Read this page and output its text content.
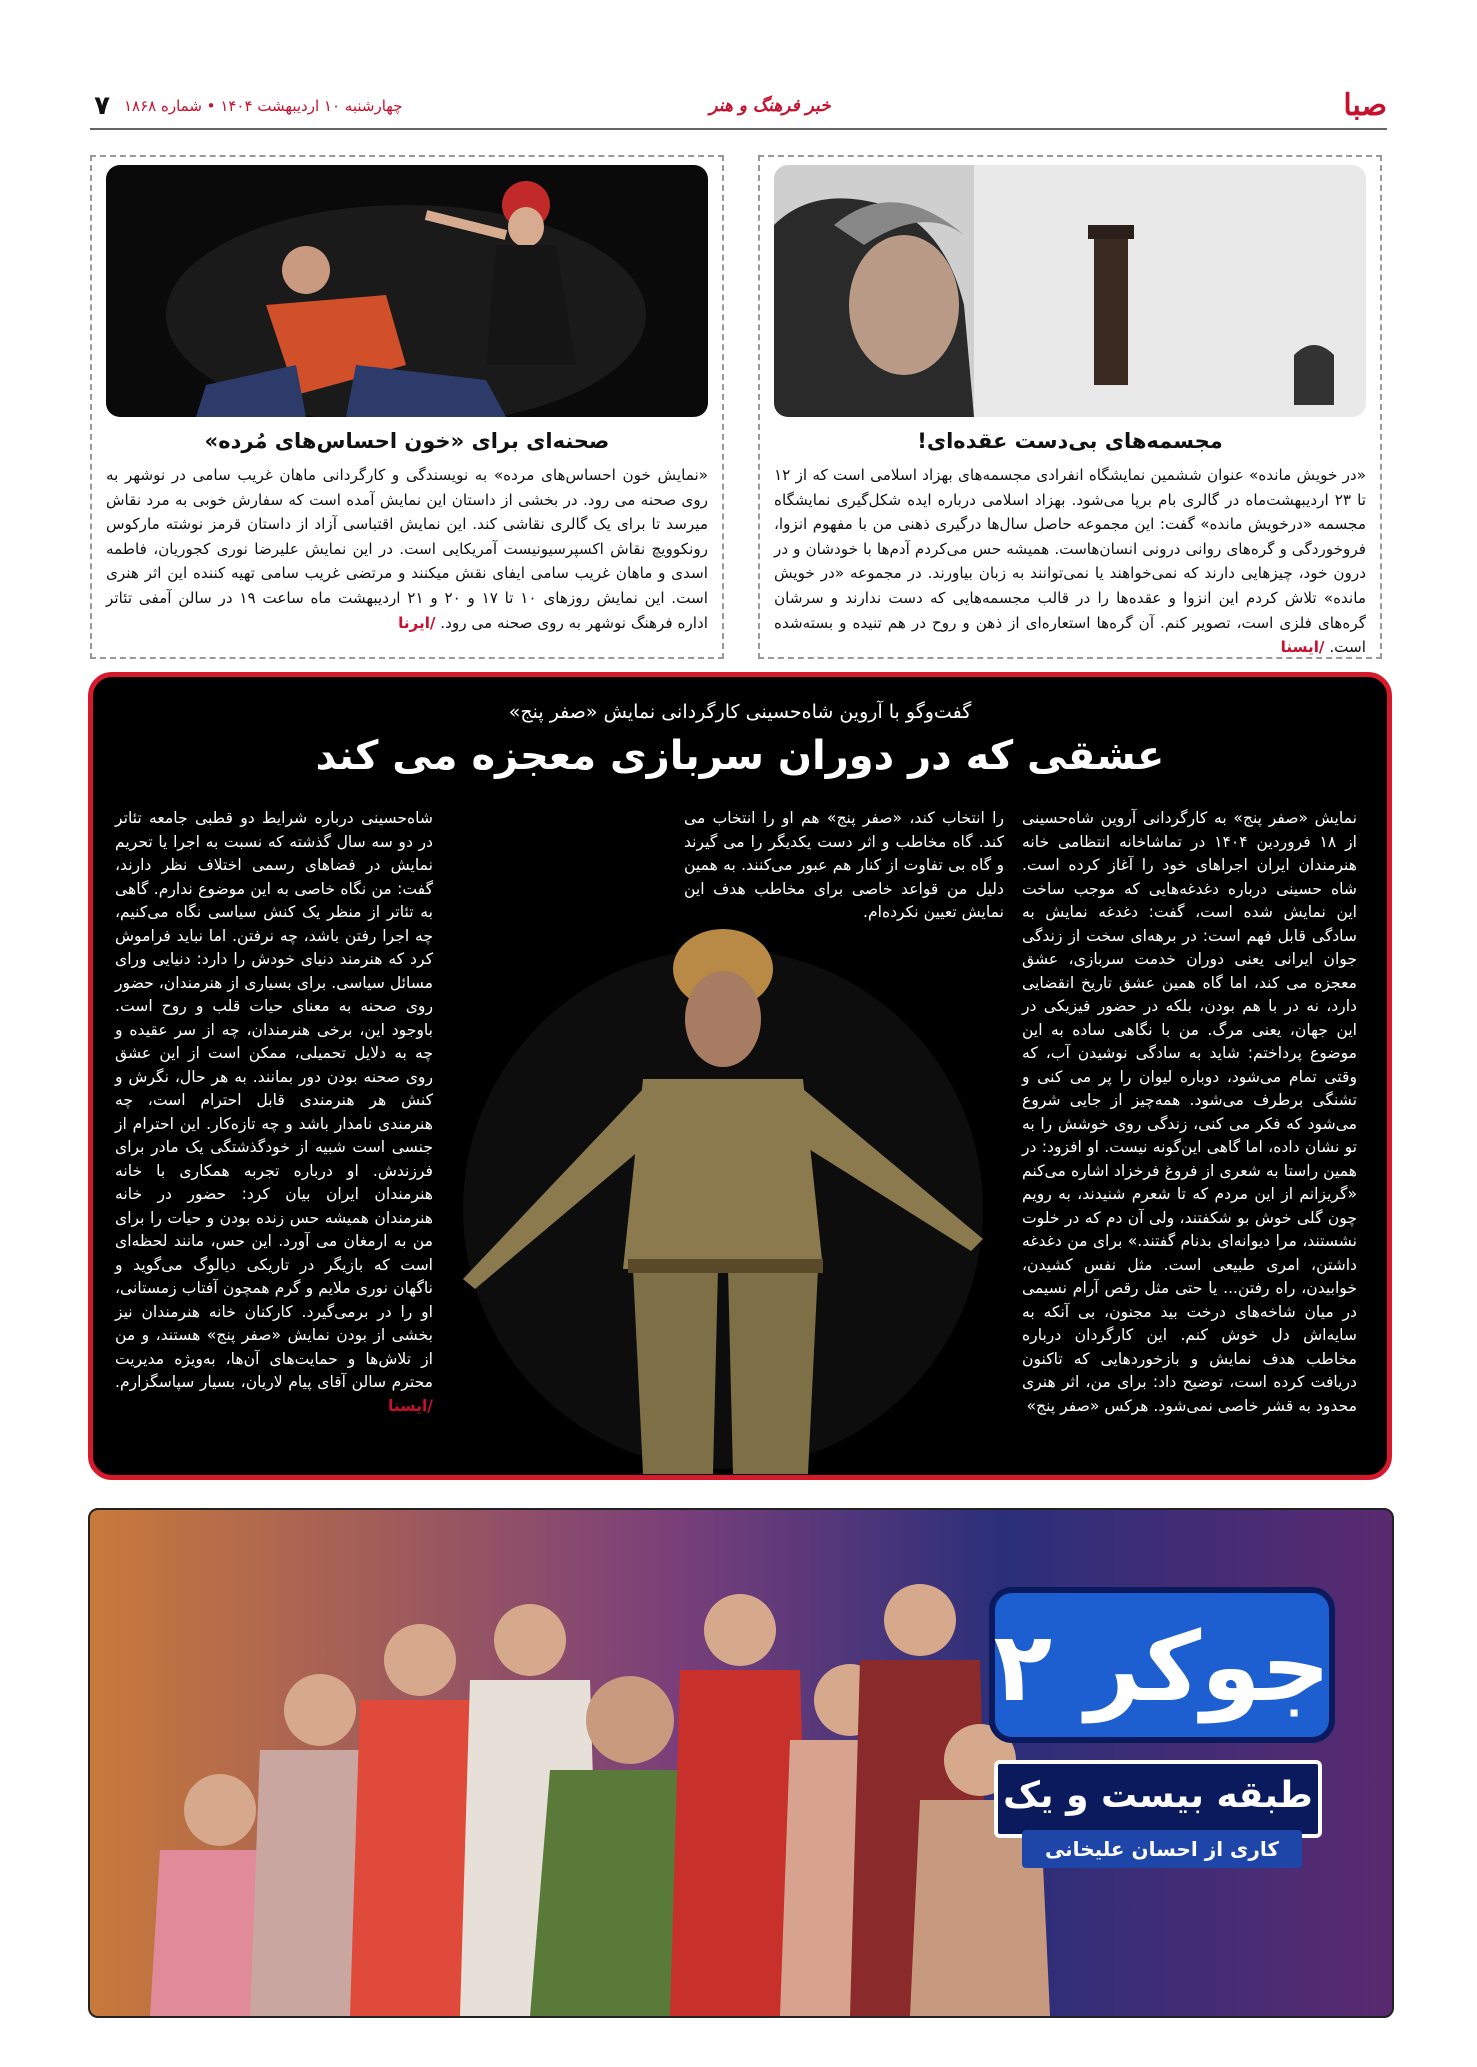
صبا
خبر فرهنگ و هنر
چهارشنبه ۱۰ اردیبهشت ۱۴۰۴ • شماره ۱۸۶۸
۷
مجسمه‌های بی‌دست عقده‌ای!
«در خویش مانده» عنوان ششمین نمایشگاه انفرادی مجسمه‌های بهزاد اسلامی است که از ۱۲ تا ۲۳ اردیبهشت‌ماه در گالری بام برپا می‌شود. بهزاد اسلامی درباره ایده شکل‌گیری نمایشگاه مجسمه «درخویش مانده» گفت: این مجموعه حاصل سال‌ها درگیری ذهنی من با مفهوم انزوا، فروخوردگی و گره‌های روانی درونی انسان‌هاست. همیشه حس می‌کردم آدم‌ها با خودشان و در درون خود، چیزهایی دارند که نمی‌خواهند یا نمی‌توانند به زبان بیاورند. در مجموعه «در خویش مانده» تلاش کردم این انزوا و عقده‌ها را در قالب مجسمه‌هایی که دست ندارند و سرشان گره‌های فلزی است، تصویر کنم. آن گره‌ها استعاره‌ای از ذهن و روح در هم تنیده و بسته‌شده است. /ایسنا
صحنه‌ای برای «خون احساس‌های مُرده»
«نمایش خون احساس‌های مرده» به نویسندگی و کارگردانی ماهان غریب سامی در نوشهر به روی صحنه می رود. در بخشی از داستان این نمایش آمده است که سفارش خوبی به مرد نقاش میرسد تا برای یک گالری نقاشی کند. این نمایش اقتباسی آزاد از داستان قرمز نوشته مارکوس رونکوویچ نقاش اکسپرسیونیست آمریکایی است. در این نمایش علیرضا نوری کجوریان، فاطمه اسدی و ماهان غریب سامی ایفای نقش میکنند و مرتضی غریب سامی تهیه کننده این اثر هنری است. این نمایش روزهای ۱۰ تا ۱۷ و ۲۰ و ۲۱ اردیبهشت ماه ساعت ۱۹ در سالن آمفی تئاتر اداره فرهنگ نوشهر به روی صحنه می رود. /ایرنا
گفت‌وگو با آروین شاه‌حسینی کارگردانی نمایش «صفر پنج»
عشقی که در دوران سربازی معجزه می کند
نمایش «صفر پنج» به کارگردانی آروین شاه‌حسینی از ۱۸ فروردین ۱۴۰۴ در تماشاخانه انتظامی خانه هنرمندان ایران اجراهای خود را آغاز کرده است. شاه حسینی درباره دغدغه‌هایی که موجب ساخت این نمایش شده است، گفت: دغدغه نمایش به سادگی قابل فهم است: در برهه‌ای سخت از زندگی جوان ایرانی یعنی دوران خدمت سربازی، عشق معجزه می کند، اما گاه همین عشق تاریخ انقضایی دارد، نه در با هم بودن، بلکه در حضور فیزیکی در این جهان، یعنی مرگ. من با نگاهی ساده به این موضوع پرداختم: شاید به سادگی نوشیدن آب، که وقتی تمام می‌شود، دوباره لیوان را پر می کنی و تشنگی برطرف می‌شود. همه‌چیز از جایی شروع می‌شود که فکر می کنی، زندگی روی خوشش را به تو نشان داده، اما گاهی این‌گونه نیست. او افزود: در همین راستا به شعری از فروغ فرخزاد اشاره می‌کنم «گریزانم از این مردم که تا شعرم شنیدند، به رویم چون گلی خوش بو شکفتند، ولی آن دم که در خلوت نشستند، مرا دیوانه‌ای بدنام گفتند.» برای من دغدغه داشتن، امری طبیعی است. مثل نفس کشیدن، خوابیدن، راه رفتن... یا حتی مثل رقص آرام نسیمی در میان شاخه‌های درخت بید مجنون، بی آنکه به سایه‌اش دل خوش کنم. این کارگردان درباره مخاطب هدف نمایش و بازخوردهایی که تاکنون دریافت کرده است، توضیح داد: برای من، اثر هنری محدود به قشر خاصی نمی‌شود. هرکس «صفر پنج»
را انتخاب کند، «صفر پنج» هم او را انتخاب می کند. گاه مخاطب و اثر دست یکدیگر را می گیرند و گاه بی تفاوت از کنار هم عبور می‌کنند. به همین دلیل من قواعد خاصی برای مخاطب هدف این نمایش تعیین نکرده‌ام.
شاه‌حسینی درباره شرایط دو قطبی جامعه تئاتر در دو سه سال گذشته که نسبت به اجرا یا تحریم نمایش در فضاهای رسمی اختلاف نظر دارند، گفت: من نگاه خاصی به این موضوع ندارم. گاهی به تئاتر از منظر یک کنش سیاسی نگاه می‌کنیم، چه اجرا رفتن باشد، چه نرفتن. اما نباید فراموش کرد که هنرمند دنیای خودش را دارد: دنیایی ورای مسائل سیاسی. برای بسیاری از هنرمندان، حضور روی صحنه به معنای حیات قلب و روح است. باوجود این، برخی هنرمندان، چه از سر عقیده و چه به دلایل تحمیلی، ممکن است از این عشق روی صحنه بودن دور بمانند. به هر حال، نگرش و کنش هر هنرمندی قابل احترام است، چه هنرمندی نامدار باشد و چه تازه‌کار. این احترام از جنسی است شبیه از خودگذشتگی یک مادر برای فرزندش. او درباره تجربه همکاری با خانه هنرمندان ایران بیان کرد: حضور در خانه هنرمندان همیشه حس زنده بودن و حیات را برای من به ارمغان می آورد. این حس، مانند لحظه‌ای است که بازیگر در تاریکی دیالوگ می‌گوید و ناگهان نوری ملایم و گرم همچون آفتاب زمستانی، او را در برمی‌گیرد. کارکنان خانه هنرمندان نیز بخشی از بودن نمایش «صفر پنج» هستند، و من از تلاش‌ها و حمایت‌های آن‌ها، به‌ویژه مدیریت محترم سالن آقای پیام لاریان، بسیار سپاسگزارم. /ایسنا
جوکر ۲
طبقه بیست و یک
کاری از احسان علیخانی
